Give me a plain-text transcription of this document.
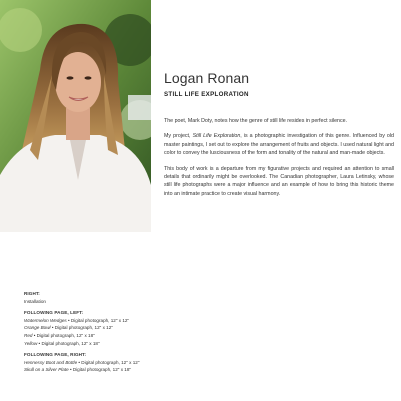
Logan Ronan
STILL LIFE EXPLORATION

The poet, Mark Doty, notes how the genre of still life resides in perfect silence.

My project, Still Life Exploration, is a photographic investigation of this genre. Influenced by old master paintings, I set out to explore the arrangement of fruits and objects. I used natural light and color to convey the lusciousness of the form and tonality of the natural and man-made objects.

This body of work is a departure from my figurative projects and required an attention to small details that ordinarily might be overlooked. The Canadian photographer, Laura Letinsky, whose still life photographs were a major influence and an example of how to bring this historic theme into an intimate practice to create visual harmony.

RIGHT:
Installation
FOLLOWING PAGE, LEFT:
Watermelon Wedges • Digital photograph, 12" x 12"
Orange Bowl • Digital photograph, 12" x 12"
Red • Digital photograph, 12" x 18"
Yellow • Digital photograph, 12" x 18"
FOLLOWING PAGE, RIGHT:
Hennessy Boot and Bottle • Digital photograph, 12" x 12"
Skull on a Silver Plate • Digital photograph, 12" x 18"
